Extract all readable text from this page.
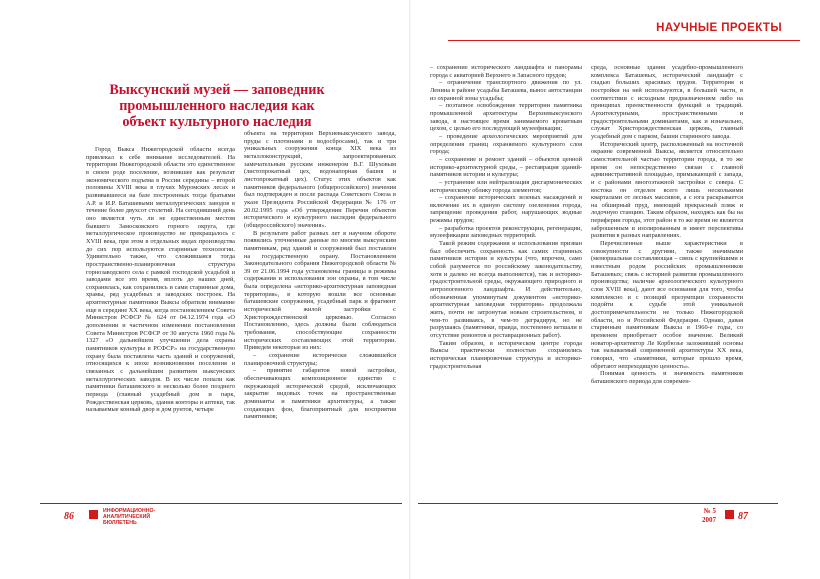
НАУЧНЫЕ ПРОЕКТЫ
Выксунский музей — заповедник промышленного наследия как объект культурного наследия

Город Выкса Нижегородской области всегда привлекал к себе внимание исследователей. На территории Нижегородской области это единственное в своем роде поселение, возникшее как результат экономического подъема в России середины – второй половины XVIII века в глухих Муромских лесах и развивавшееся на базе построенных тогда братьями А.Р. и И.Р. Баташевыми металлургических заводов в течение более двухсот столетий. На сегодняшний день оно является чуть ли не единственным местом бывшего Замосковского горного округа, где металлургическое производство не прекращалось с XVIII века, при этом в отдельных видах производства до сих пор используются старинные технологии. Удивительно также, что сложившаяся тогда пространственно-планировочная структура горнозаводского села с рамкой господской усадьбой и заводами все это время, вплоть до наших дней, сохранилась, как сохранились и сами старинные дома, храмы, ряд усадебных и заводских построек. На архитектурные памятники Выксы обратили внимание еще в середине XX века, когда постановлением Совета Министров РСФСР № 624 от 04.12.1974 года «О дополнении и частичном изменении постановления Совета Министров РСФСР от 30 августа 1960 года № 1327 «О дальнейшем улучшении дела охраны памятников культуры в РСФСР» на государственную охрану была поставлена часть зданий и сооружений, относящихся к эпохе возникновения поселения и связанных с дальнейшим развитием выксунских металлургических заводов. В их числе попали как памятники баташевского и несколько более позднего периода (главный усадебный дом и парк, Рождественская церковь, здания конторы и аптеки, так называемые конный двор и дом рунтов, четыре

объекта на территории Верхневыксунского завода, пруды с плотинами и водосбросами), так и три уникальных сооружения конца XIX века из металлоконструкций, запроектированных замечательным русским инженером В.Г. Шуховым (листопрокатный цех, водонапорная башня и листопрокатный цех). Статус этих объектов как памятников федерального (общероссийского) значения был подтвержден и после распада Советского Союза в указе Президента Российской Федерации № 176 от 20.02.1995 года «Об утверждении Перечня объектов исторического и культурного наследия федерального (общероссийского) значения».

В результате работ разных лет в научном обороте появились уточненные данные по многим выксунским памятникам, ряд зданий и сооружений был поставлен на государственную охрану. Постановлением Законодательного собрания Нижегородской области № 39 от 21.06.1994 года установлены границы и режимы содержания и использования зон охраны, в том числе была определена «историко-архитектурная заповедная территория», в которую вошли все основные баташевские сооружения, усадебный парк и фрагмент исторической жилой застройки с Христорождественской церковью. Согласно Постановлению, здесь должны были соблюдаться требования, способствующие сохранности исторических составляющих этой территории. Приведем некоторые из них:

– сохранение исторически сложившейся планировочной структуры;

– принятие габаритов новой застройки, обеспечивающих композиционное единство с окружающей исторической средой, исключающих закрытие видовых точек на пространственные доминанты и памятники архитектуры, а также создающих фон, благоприятный для восприятия памятников;

– сохранение исторического ландшафта и панорамы города с акваторией Верхнего и Запасного прудов;

– ограничение транспортного движения по ул. Ленина в районе усадьбы Баташева, вынос автостанции из охранной зоны усадьбы;

– поэтапное освобождение территории памятника промышленной архитектуры Верхневыксунского завода, в настоящее время занимаемого кроватным цехом, с целью его последующей музеефикации;

– проведение археологических мероприятий для определения границ охраняемого культурного слоя города;

– сохранение и ремонт зданий – объектов ценной историко-архитектурной среды, – реставрация зданий-памятников истории и культуры;

– устранение или нейтрализация дисгармонических историческому облику города элементов;

– сохранение исторических зеленых насаждений и включение их в единую систему озеленения города, запрещение проведения работ, нарушающих водные режимы прудов;

– разработка проектов реконструкции, регенерации, музеефикации заповедных территорий.

Такой режим содержания и использования призван был обеспечить сохранность как самих старинных памятников истории и культуры (что, впрочем, само собой разумеется по российскому законодательству, хотя и далеко не всегда выполняется), так и историко-градостроительной среды, окружающего природного и антропогенного ландшафта. И действительно, обозначенная упоминутым документом «историко-архитектурная заповедная территория» продолжала жить, почти не затронутая новым строительством, в чем-то развиваясь, в чем-то деградируя, но не разрушаясь (памятники, правда, постепенно ветшали в отсутствие ремонтов и реставрационных работ).

Таким образом, в историческом центре города Выксы практически полностью сохранились историческая планировочная структура и историко-градостроительная

среда, основные здания усадебно-промышленного комплекса Баташевых, исторический ландшафт с гладью больших красивых прудов. Территория и постройки на ней используются, в большей части, в соответствии с исходным предназначением либо на принципах преемственности функций и традиций. Архитектурными, пространственными и градостроительными доминантами, как и изначально, служат Христорождественская церковь, главный усадебный дом с парком, башни старинного завода.

Исторический центр, расположенный на восточной окраине современной Выксы, является относительно самостоятельной частью территории города, в то же время он непосредственно связан с главной административной площадью, примыкающей с запада, и с районами многоэтажной застройки с севера. С востока он отделен всего лишь несколькими кварталами от лесных массивов, а с юга раскрывается на обширный пруд, имеющий прекрасный пляж и лодочную станцию. Таким образом, находясь как бы на периферии города, этот район в то же время не является заброшенным и изолированным и имеет перспективы развития в разных направлениях.

Перечисленные выше характеристики в совокупности с другими, также значимыми (мемориальная составляющая – связь с крупнейшими и известным родом российских промышленников Баташевых; связь с историей развития промышленного производства; наличие археологического культурного слоя XVIII века), дают все основания для того, чтобы комплексно и с позиций презумпции сохранности подойти к судьбе этой уникальной достопримечательности не только Нижегородской области, но и Российской Федерации. Однако, давая старинным памятникам Выксы в 1960-е годы, со временем приобретает особое значение. Великий новатор-архитектор Ле Корбюзье заложивший основы так называемый современной архитектуры XX века, говорил, что «памятники, которые прошло время, обретают непреходящую ценность».

Понимая ценность и значимость памятников баташевского периода для современ-

86	ИНФОРМАЦИОННО-
АНАЛИТИЧЕСКИЙ
БЮЛЛЕТЕНЬ
№ 5
2007 87
